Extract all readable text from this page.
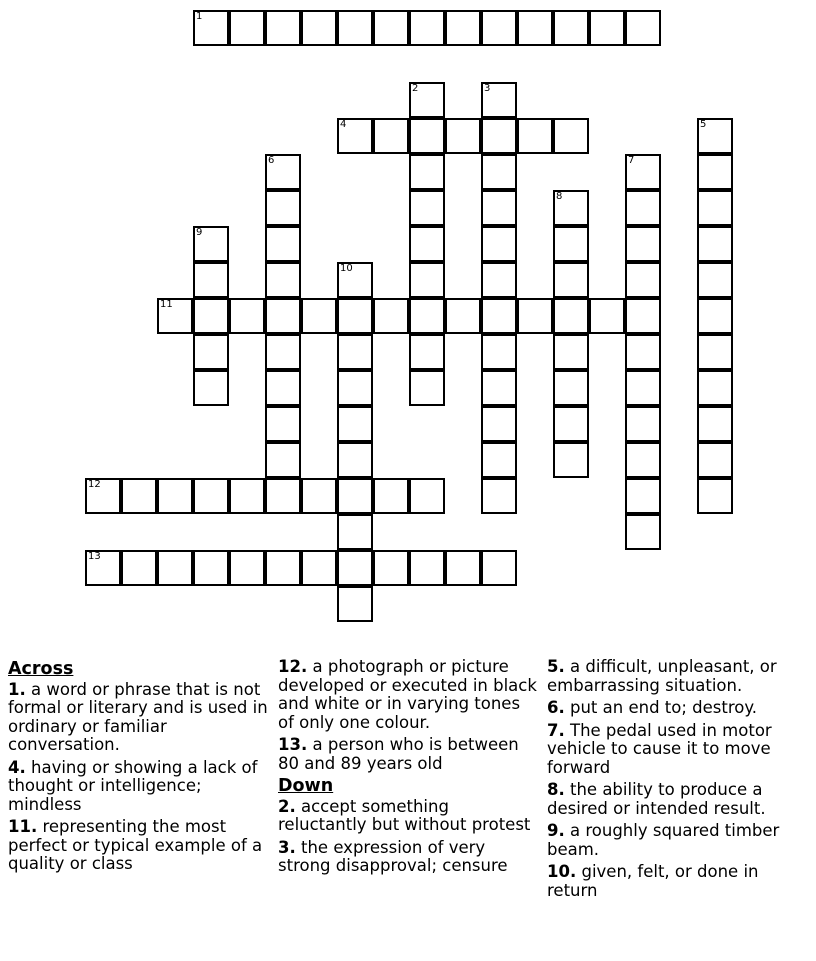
1
2	3
4	5
6	7
8
9
10
11
12
13
Across
1. a word or phrase that is not formal or literary and is used in ordinary or familiar conversation.
4. having or showing a lack of thought or intelligence; mindless
11. representing the most perfect or typical example of a quality or class
12. a photograph or picture developed or executed in black and white or in varying tones of only one colour.
13. a person who is between 80 and 89 years old
Down
2. accept something reluctantly but without protest
3. the expression of very strong disapproval; censure
5. a difficult, unpleasant, or embarrassing situation.
6. put an end to; destroy.
7. The pedal used in motor vehicle to cause it to move forward
8. the ability to produce a desired or intended result.
9. a roughly squared timber beam.
10. given, felt, or done in return
